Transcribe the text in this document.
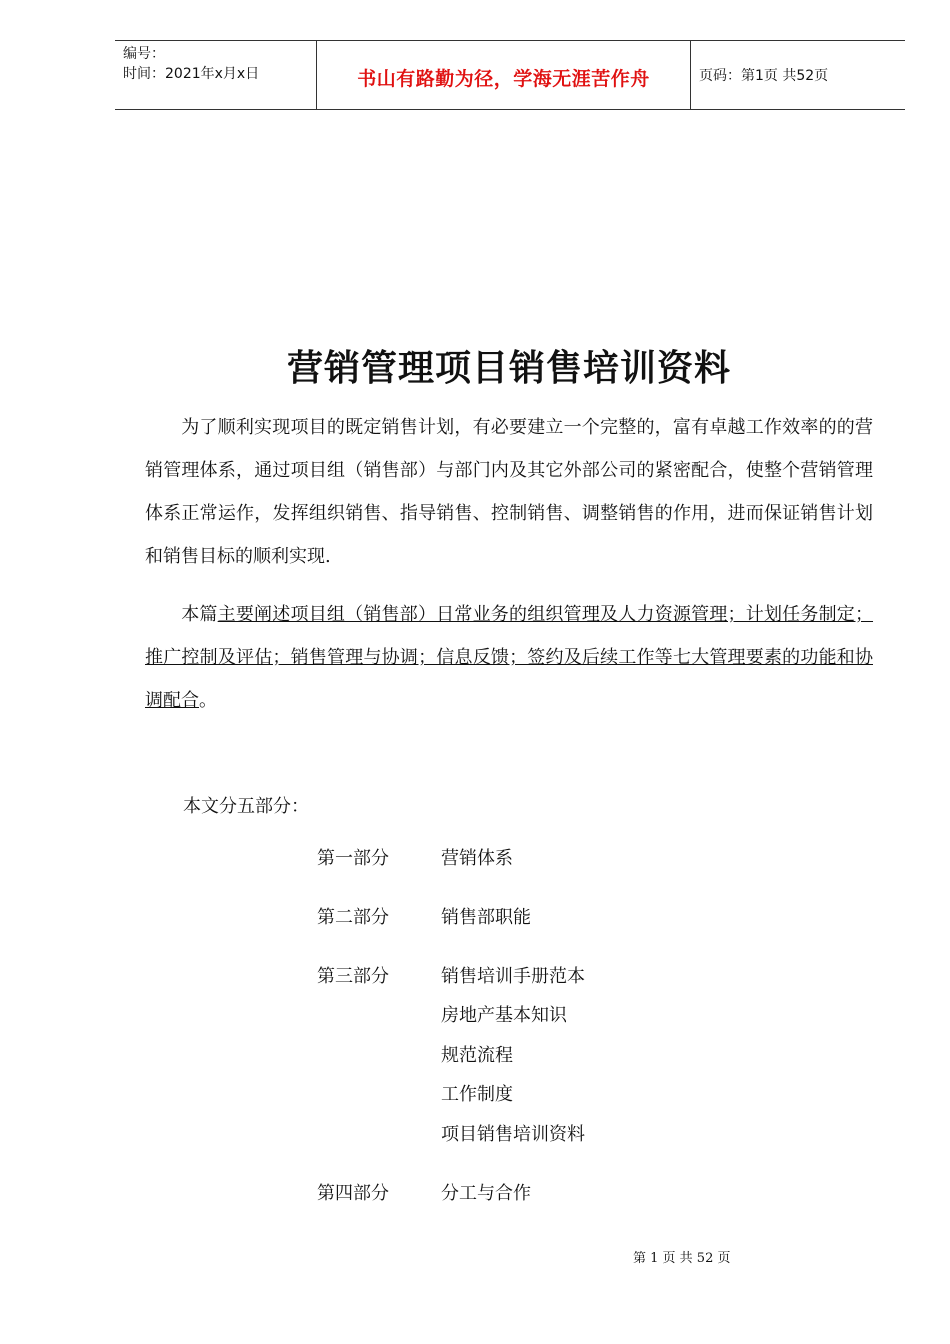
编号：
时间：2021年x月x日	书山有路勤为径，学海无涯苦作舟	页码：第1页 共52页
营销管理项目销售培训资料
为了顺利实现项目的既定销售计划，有必要建立一个完整的，富有卓越工作效率的的营销管理体系，通过项目组（销售部）与部门内及其它外部公司的紧密配合，使整个营销管理体系正常运作，发挥组织销售、指导销售、控制销售、调整销售的作用，进而保证销售计划和销售目标的顺利实现.
本篇主要阐述项目组（销售部）日常业务的组织管理及人力资源管理；计划任务制定；推广控制及评估；销售管理与协调；信息反馈；签约及后续工作等七大管理要素的功能和协调配合。
本文分五部分：
第一部分	营销体系
第二部分	销售部职能
第三部分	销售培训手册范本
房地产基本知识
规范流程
工作制度
项目销售培训资料
第四部分	分工与合作
第 1 页 共 52 页
